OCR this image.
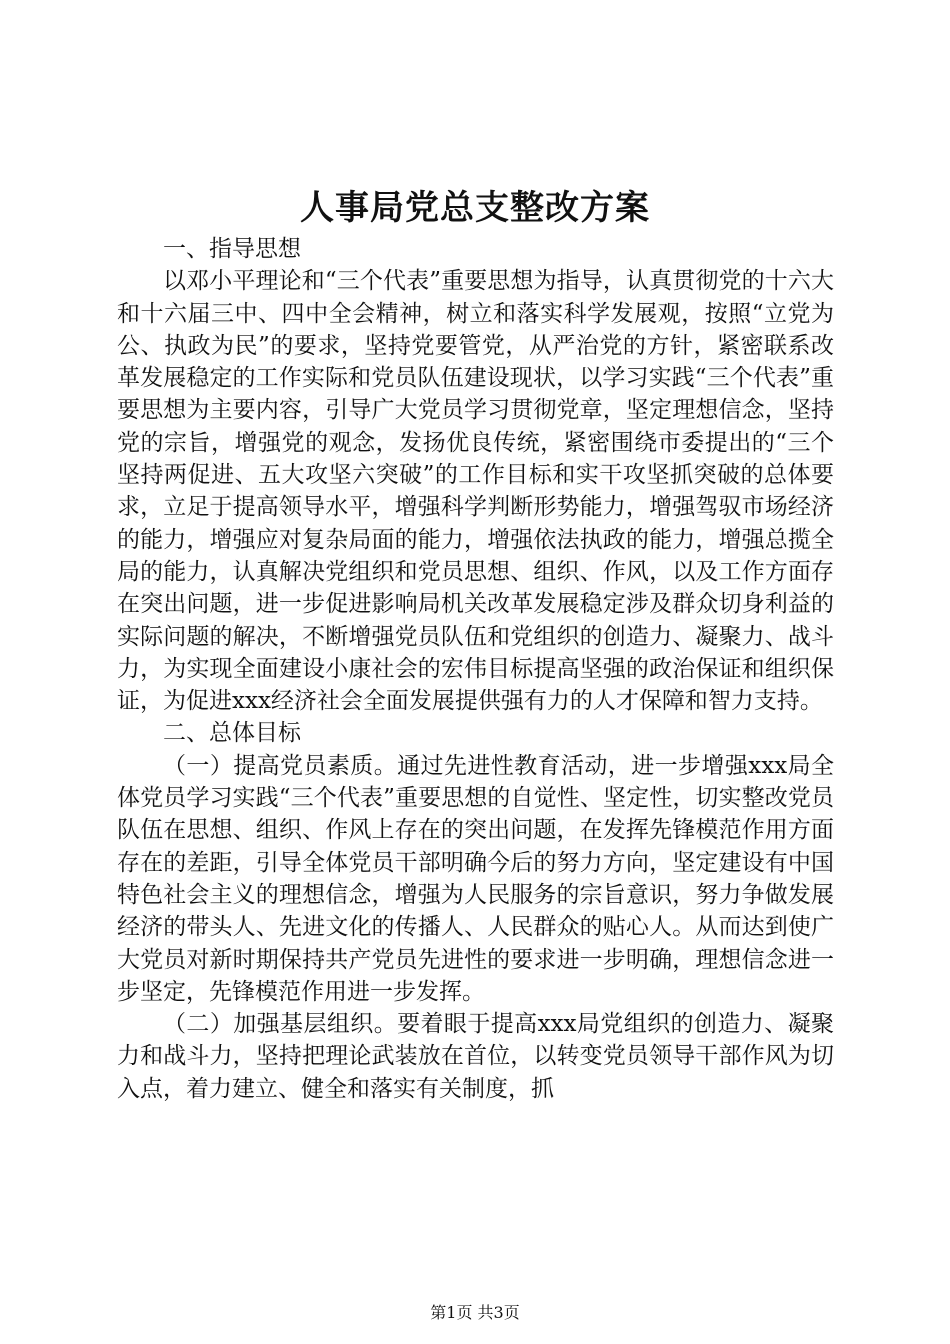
人事局党总支整改方案

一、指导思想

以邓小平理论和“三个代表”重要思想为指导，认真贯彻党的十六大和十六届三中、四中全会精神，树立和落实科学发展观，按照“立党为公、执政为民”的要求，坚持党要管党，从严治党的方针，紧密联系改革发展稳定的工作实际和党员队伍建设现状，以学习实践“三个代表”重要思想为主要内容，引导广大党员学习贯彻党章，坚定理想信念，坚持党的宗旨，增强党的观念，发扬优良传统，紧密围绕市委提出的“三个坚持两促进、五大攻坚六突破”的工作目标和实干攻坚抓突破的总体要求，立足于提高领导水平，增强科学判断形势能力，增强驾驭市场经济的能力，增强应对复杂局面的能力，增强依法执政的能力，增强总揽全局的能力，认真解决党组织和党员思想、组织、作风，以及工作方面存在突出问题，进一步促进影响局机关改革发展稳定涉及群众切身利益的实际问题的解决，不断增强党员队伍和党组织的创造力、凝聚力、战斗力，为实现全面建设小康社会的宏伟目标提高坚强的政治保证和组织保证，为促进xxx经济社会全面发展提供强有力的人才保障和智力支持。

二、总体目标

（一）提高党员素质。通过先进性教育活动，进一步增强xxx局全体党员学习实践“三个代表”重要思想的自觉性、坚定性，切实整改党员队伍在思想、组织、作风上存在的突出问题，在发挥先锋模范作用方面存在的差距，引导全体党员干部明确今后的努力方向，坚定建设有中国特色社会主义的理想信念，增强为人民服务的宗旨意识，努力争做发展经济的带头人、先进文化的传播人、人民群众的贴心人。从而达到使广大党员对新时期保持共产党员先进性的要求进一步明确，理想信念进一步坚定，先锋模范作用进一步发挥。

（二）加强基层组织。要着眼于提高xxx局党组织的创造力、凝聚力和战斗力，坚持把理论武装放在首位，以转变党员领导干部作风为切入点，着力建立、健全和落实有关制度，抓

第1页 共3页
